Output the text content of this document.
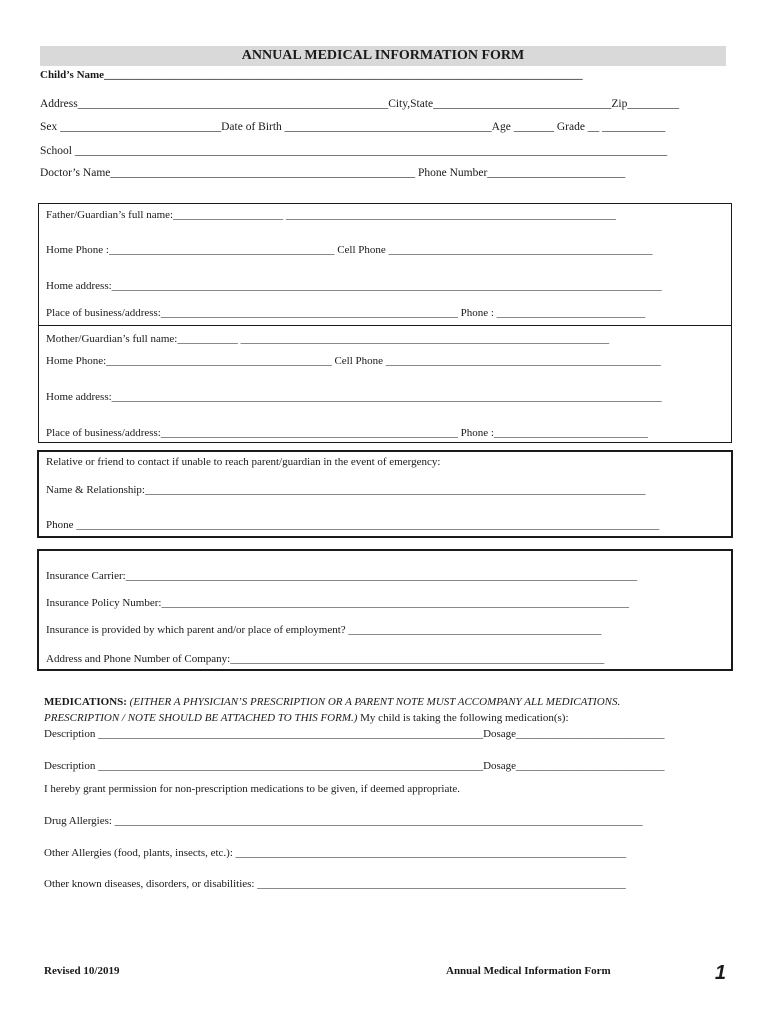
ANNUAL MEDICAL INFORMATION FORM
Child’s Name_______________________________________________________________________________________
Address______________________________________________________City,State_______________________________Zip_________
Sex ____________________________Date of Birth ____________________________________Age _______ Grade __ ___________
School _______________________________________________________________________________________________________
Doctor’s Name_____________________________________________________ Phone Number________________________
Father/Guardian’s full name:____________________ ____________________________________________________________
Home Phone :_________________________________________ Cell Phone ________________________________________________
Home address:____________________________________________________________________________________________________
Place of business/address:______________________________________________________ Phone : ___________________________
Mother/Guardian’s full name:___________ ___________________________________________________________________
Home Phone:_________________________________________ Cell Phone __________________________________________________
Home address:____________________________________________________________________________________________________
Place of business/address:______________________________________________________ Phone :____________________________
Relative or friend to contact if unable to reach parent/guardian in the event of emergency:
Name & Relationship:___________________________________________________________________________________________
Phone __________________________________________________________________________________________________________
Insurance Carrier:_____________________________________________________________________________________________
Insurance Policy Number:_____________________________________________________________________________________
Insurance is provided by which parent and/or place of employment? ______________________________________________
Address and Phone Number of Company:____________________________________________________________________
MEDICATIONS: (EITHER A PHYSICIAN’S PRESCRIPTION OR A PARENT NOTE MUST ACCOMPANY ALL MEDICATIONS.
PRESCRIPTION / NOTE SHOULD BE ATTACHED TO THIS FORM.) My child is taking the following medication(s):
Description ______________________________________________________________________Dosage___________________________
Description ______________________________________________________________________Dosage___________________________
I hereby grant permission for non-prescription medications to be given, if deemed appropriate.
Drug Allergies: ________________________________________________________________________________________________
Other Allergies (food, plants, insects, etc.): _______________________________________________________________________
Other known diseases, disorders, or disabilities: ___________________________________________________________________
Revised 10/2019	Annual Medical Information Form	1
